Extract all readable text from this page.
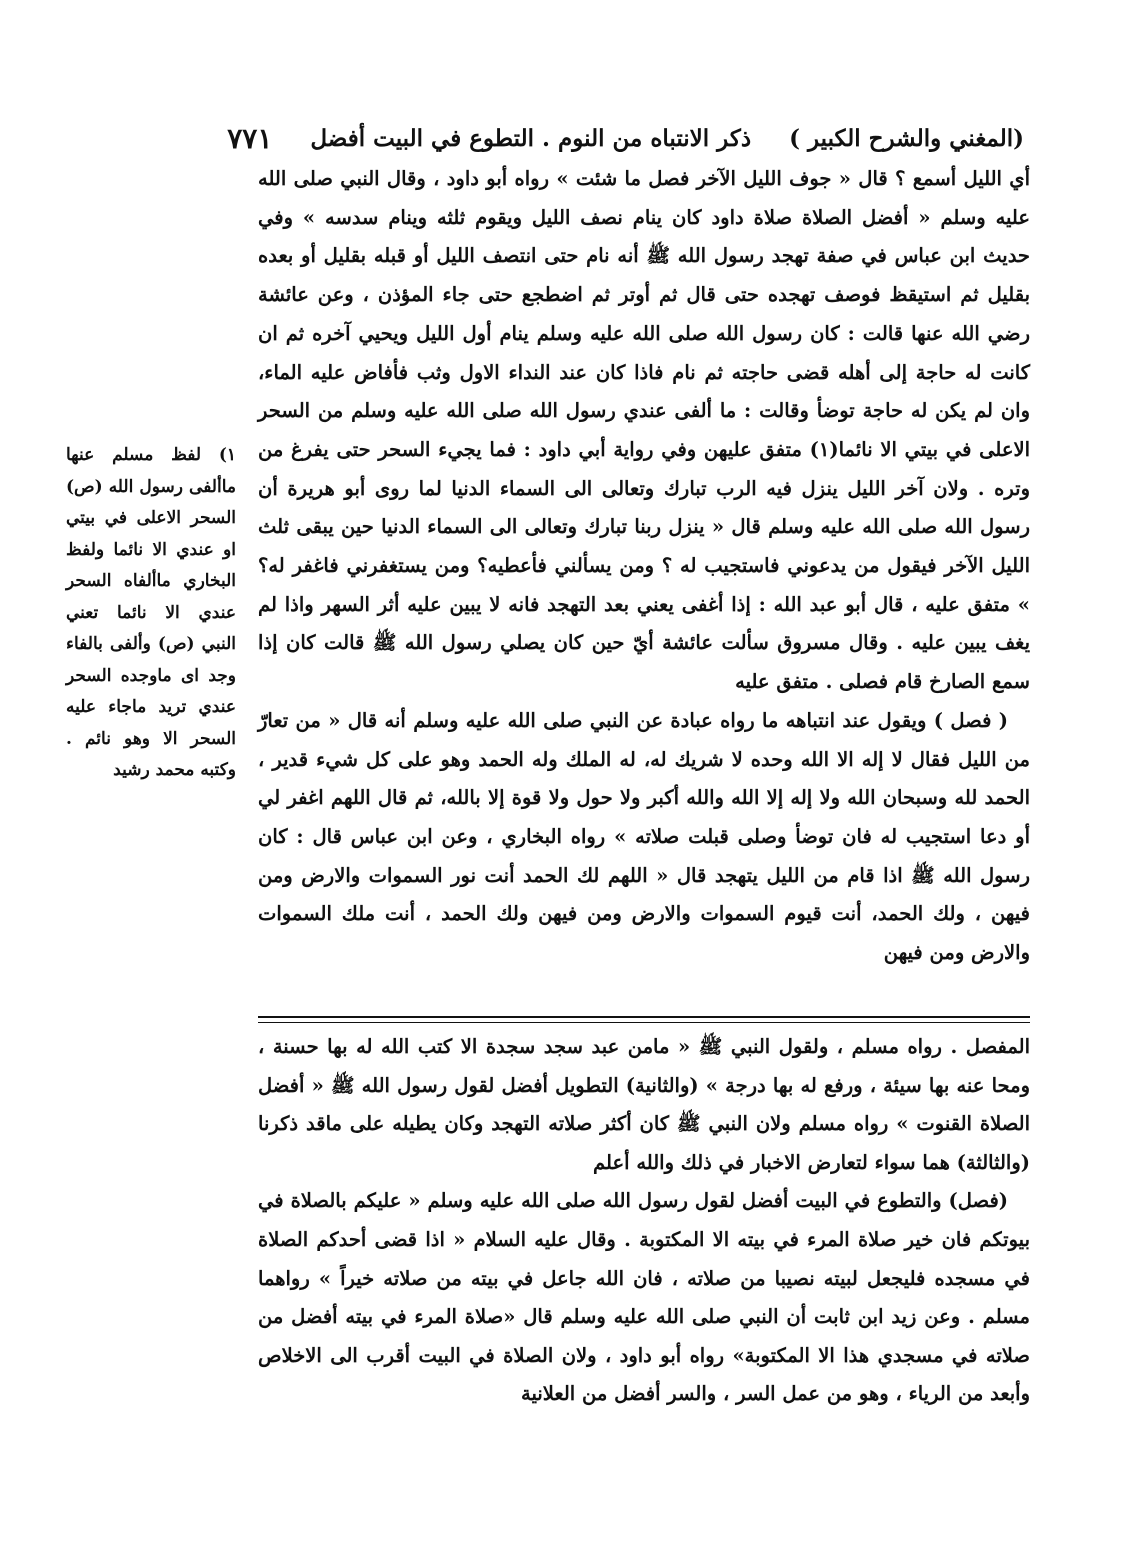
(المغني والشرح الكبير )
ذكر الانتباه من النوم . التطوع في البيت أفضل
٧٧١

أي الليل أسمع ؟ قال « جوف الليل الآخر فصل ما شئت » رواه أبو داود ، وقال النبي صلى الله عليه وسلم « أفضل الصلاة صلاة داود كان ينام نصف الليل ويقوم ثلثه وينام سدسه » وفي حديث ابن عباس في صفة تهجد رسول الله ﷺ أنه نام حتى انتصف الليل أو قبله بقليل أو بعده بقليل ثم استيقظ فوصف تهجده حتى قال ثم أوتر ثم اضطجع حتى جاء المؤذن ، وعن عائشة رضي الله عنها قالت : كان رسول الله صلى الله عليه وسلم ينام أول الليل ويحيي آخره ثم ان كانت له حاجة إلى أهله قضى حاجته ثم نام فاذا كان عند النداء الاول وثب فأفاض عليه الماء، وان لم يكن له حاجة توضأ وقالت : ما ألفى عندي رسول الله صلى الله عليه وسلم من السحر الاعلى في بيتي الا نائما(١) متفق عليهن وفي رواية أبي داود : فما يجيء السحر حتى يفرغ من وتره . ولان آخر الليل ينزل فيه الرب تبارك وتعالى الى السماء الدنيا لما روى أبو هريرة أن رسول الله صلى الله عليه وسلم قال « ينزل ربنا تبارك وتعالى الى السماء الدنيا حين يبقى ثلث الليل الآخر فيقول من يدعوني فاستجيب له ؟ ومن يسألني فأعطيه؟ ومن يستغفرني فاغفر له؟ » متفق عليه ، قال أبو عبد الله : إذا أغفى يعني بعد التهجد فانه لا يبين عليه أثر السهر واذا لم يغف يبين عليه . وقال مسروق سألت عائشة أيّ حين كان يصلي رسول الله ﷺ قالت كان إذا سمع الصارخ قام فصلى . متفق عليه

( فصل ) ويقول عند انتباهه ما رواه عبادة عن النبي صلى الله عليه وسلم أنه قال « من تعارّ من الليل فقال لا إله الا الله وحده لا شريك له، له الملك وله الحمد وهو على كل شيء قدير ، الحمد لله وسبحان الله ولا إله إلا الله والله أكبر ولا حول ولا قوة إلا بالله، ثم قال اللهم اغفر لي أو دعا استجيب له فان توضأ وصلى قبلت صلاته » رواه البخاري ، وعن ابن عباس قال : كان رسول الله ﷺ اذا قام من الليل يتهجد قال « اللهم لك الحمد أنت نور السموات والارض ومن فيهن ، ولك الحمد، أنت قيوم السموات والارض ومن فيهن ولك الحمد ، أنت ملك السموات والارض ومن فيهن

المفصل . رواه مسلم ، ولقول النبي ﷺ « مامن عبد سجد سجدة الا كتب الله له بها حسنة ، ومحا عنه بها سيئة ، ورفع له بها درجة » (والثانية) التطويل أفضل لقول رسول الله ﷺ « أفضل الصلاة القنوت » رواه مسلم ولان النبي ﷺ كان أكثر صلاته التهجد وكان يطيله على ماقد ذكرنا (والثالثة) هما سواء لتعارض الاخبار في ذلك والله أعلم

(فصل) والتطوع في البيت أفضل لقول رسول الله صلى الله عليه وسلم « عليكم بالصلاة في بيوتكم فان خير صلاة المرء في بيته الا المكتوبة . وقال عليه السلام « اذا قضى أحدكم الصلاة في مسجده فليجعل لبيته نصيبا من صلاته ، فان الله جاعل في بيته من صلاته خيراً » رواهما مسلم . وعن زيد ابن ثابت أن النبي صلى الله عليه وسلم قال «صلاة المرء في بيته أفضل من صلاته في مسجدي هذا الا المكتوبة» رواه أبو داود ، ولان الصلاة في البيت أقرب الى الاخلاص وأبعد من الرياء ، وهو من عمل السر ، والسر أفضل من العلانية

١) لفظ مسلم عنها ماألفى رسول الله (ص) السحر الاعلى في بيتي او عندي الا نائما ولفظ البخاري ماألفاه السحر عندي الا نائما تعني النبي (ص) وألفى بالفاء وجد اى ماوجده السحر عندي تريد ماجاء عليه السحر الا وهو نائم . وكتبه محمد رشيد
